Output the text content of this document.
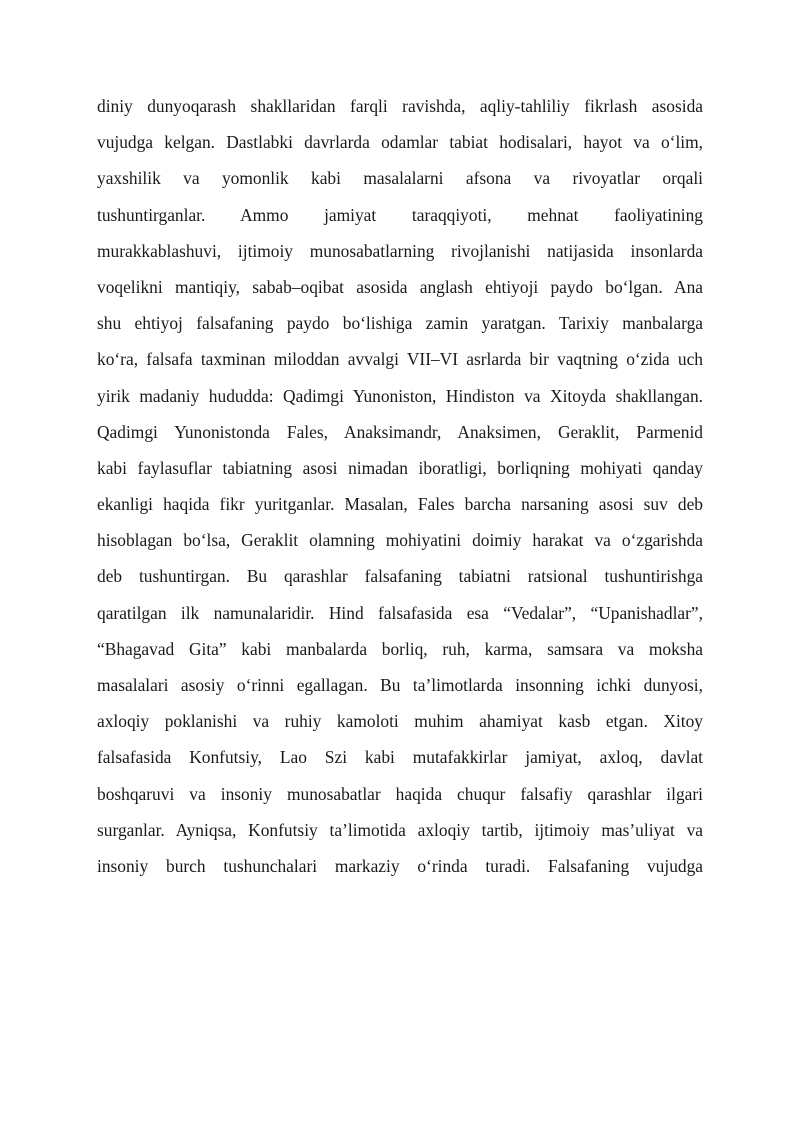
diniy dunyoqarash shakllaridan farqli ravishda, aqliy-tahliliy fikrlash asosida
vujudga kelgan. Dastlabki davrlarda odamlar tabiat hodisalari, hayot va o‘lim,
yaxshilik va yomonlik kabi masalalarni afsona va rivoyatlar orqali
tushuntirganlar. Ammo jamiyat taraqqiyoti, mehnat faoliyatining
murakkablashuvi, ijtimoiy munosabatlarning rivojlanishi natijasida insonlarda
voqelikni mantiqiy, sabab–oqibat asosida anglash ehtiyoji paydo bo‘lgan. Ana
shu ehtiyoj falsafaning paydo bo‘lishiga zamin yaratgan. Tarixiy manbalarga
ko‘ra, falsafa taxminan miloddan avvalgi VII–VI asrlarda bir vaqtning o‘zida uch
yirik madaniy hududda: Qadimgi Yunoniston, Hindiston va Xitoyda shakllangan.
Qadimgi Yunonistonda Fales, Anaksimandr, Anaksimen, Geraklit, Parmenid
kabi faylasuflar tabiatning asosi nimadan iboratligi, borliqning mohiyati qanday
ekanligi haqida fikr yuritganlar. Masalan, Fales barcha narsaning asosi suv deb
hisoblagan bo‘lsa, Geraklit olamning mohiyatini doimiy harakat va o‘zgarishda
deb tushuntirgan. Bu qarashlar falsafaning tabiatni ratsional tushuntirishga
qaratilgan ilk namunalaridir. Hind falsafasida esa “Vedalar”, “Upanishadlar”,
“Bhagavad Gita” kabi manbalarda borliq, ruh, karma, samsara va moksha
masalalari asosiy o‘rinni egallagan. Bu ta’limotlarda insonning ichki dunyosi,
axloqiy poklanishi va ruhiy kamoloti muhim ahamiyat kasb etgan. Xitoy
falsafasida Konfutsiy, Lao Szi kabi mutafakkirlar jamiyat, axloq, davlat
boshqaruvi va insoniy munosabatlar haqida chuqur falsafiy qarashlar ilgari
surganlar. Ayniqsa, Konfutsiy ta’limotida axloqiy tartib, ijtimoiy mas’uliyat va
insoniy burch tushunchalari markaziy o‘rinda turadi. Falsafaning vujudga
